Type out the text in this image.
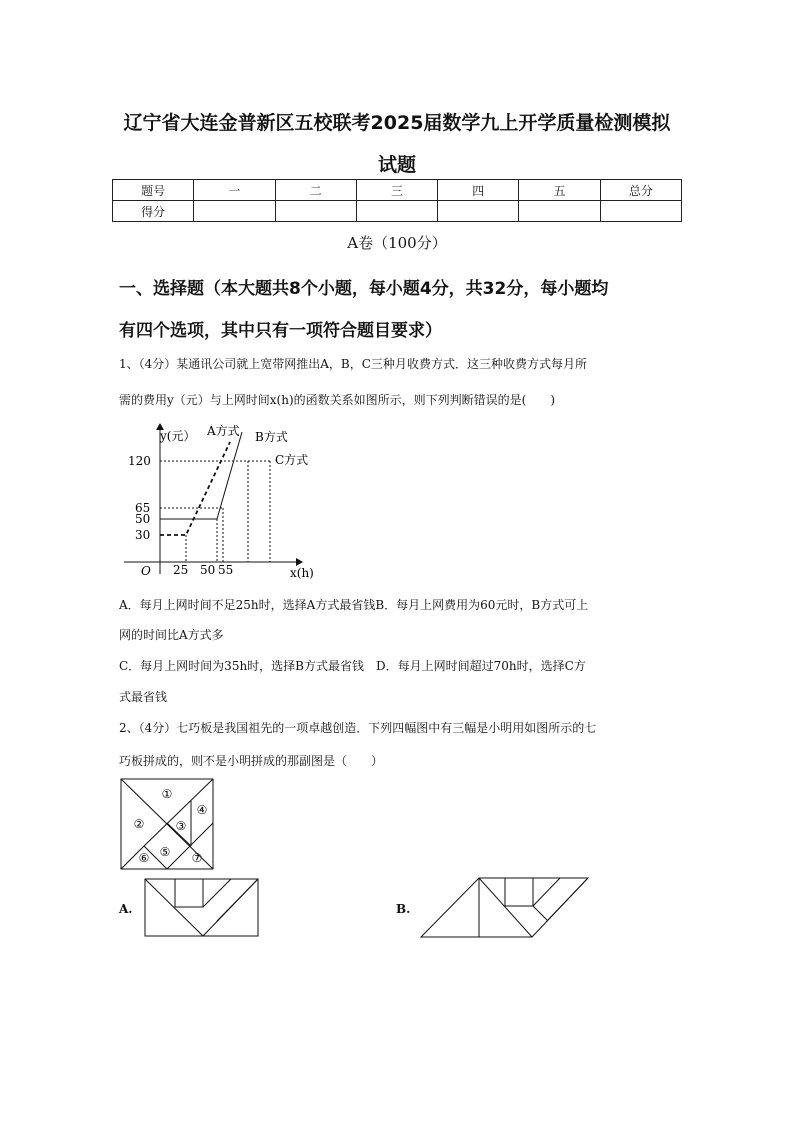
辽宁省大连金普新区五校联考2025届数学九上开学质量检测模拟
试题
题号	一	二	三	四	五	总分
得分						
A卷（100分）
一、选择题（本大题共8个小题，每小题4分，共32分，每小题均
有四个选项，其中只有一项符合题目要求）
1、（4分）某通讯公司就上宽带网推出A，B，C三种月收费方式．这三种收费方式每月所
需的费用y（元）与上网时间x(h)的函数关系如图所示，则下列判断错误的是(　　)
y(元）
x(h)
O
120
65
50
30
25 50 55
A方式 B方式
C方式
A．每月上网时间不足25h时，选择A方式最省钱B．每月上网费用为60元时，B方式可上
网的时间比A方式多
C．每月上网时间为35h时，选择B方式最省钱　D．每月上网时间超过70h时，选择C方
式最省钱
2、（4分）七巧板是我国祖先的一项卓越创造．下列四幅图中有三幅是小明用如图所示的七
巧板拼成的，则不是小明拼成的那副图是（　　）
①
②	③
④
⑤
⑥	⑦
A.	B.
